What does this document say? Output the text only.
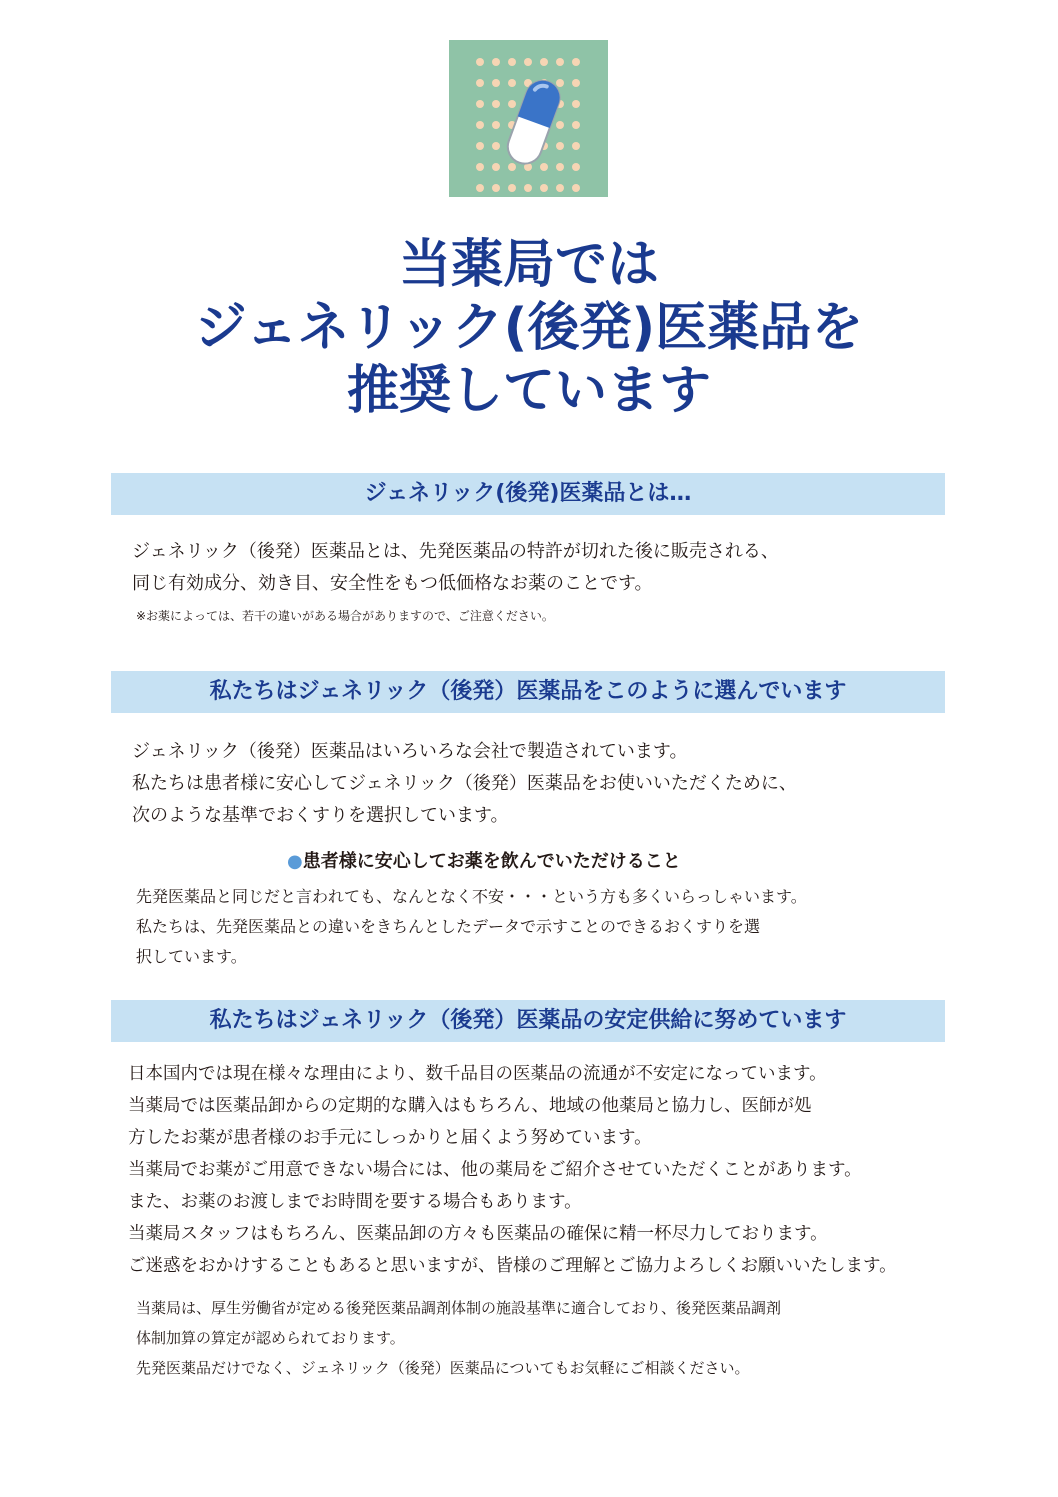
当薬局では
ジェネリック(後発)医薬品を
推奨しています
ジェネリック(後発)医薬品とは…
ジェネリック（後発）医薬品とは、先発医薬品の特許が切れた後に販売される、
同じ有効成分、効き目、安全性をもつ低価格なお薬のことです。
※お薬によっては、若干の違いがある場合がありますので、ご注意ください。
私たちはジェネリック（後発）医薬品をこのように選んでいます
ジェネリック（後発）医薬品はいろいろな会社で製造されています。
私たちは患者様に安心してジェネリック（後発）医薬品をお使いいただくために、
次のような基準でおくすりを選択しています。
●患者様に安心してお薬を飲んでいただけること
先発医薬品と同じだと言われても、なんとなく不安・・・という方も多くいらっしゃいます。
私たちは、先発医薬品との違いをきちんとしたデータで示すことのできるおくすりを選
択しています。
私たちはジェネリック（後発）医薬品の安定供給に努めています
日本国内では現在様々な理由により、数千品目の医薬品の流通が不安定になっています。
当薬局では医薬品卸からの定期的な購入はもちろん、地域の他薬局と協力し、医師が処
方したお薬が患者様のお手元にしっかりと届くよう努めています。
当薬局でお薬がご用意できない場合には、他の薬局をご紹介させていただくことがあります。
また、お薬のお渡しまでお時間を要する場合もあります。
当薬局スタッフはもちろん、医薬品卸の方々も医薬品の確保に精一杯尽力しております。
ご迷惑をおかけすることもあると思いますが、皆様のご理解とご協力よろしくお願いいたします。
当薬局は、厚生労働省が定める後発医薬品調剤体制の施設基準に適合しており、後発医薬品調剤
体制加算の算定が認められております。
先発医薬品だけでなく、ジェネリック（後発）医薬品についてもお気軽にご相談ください。
